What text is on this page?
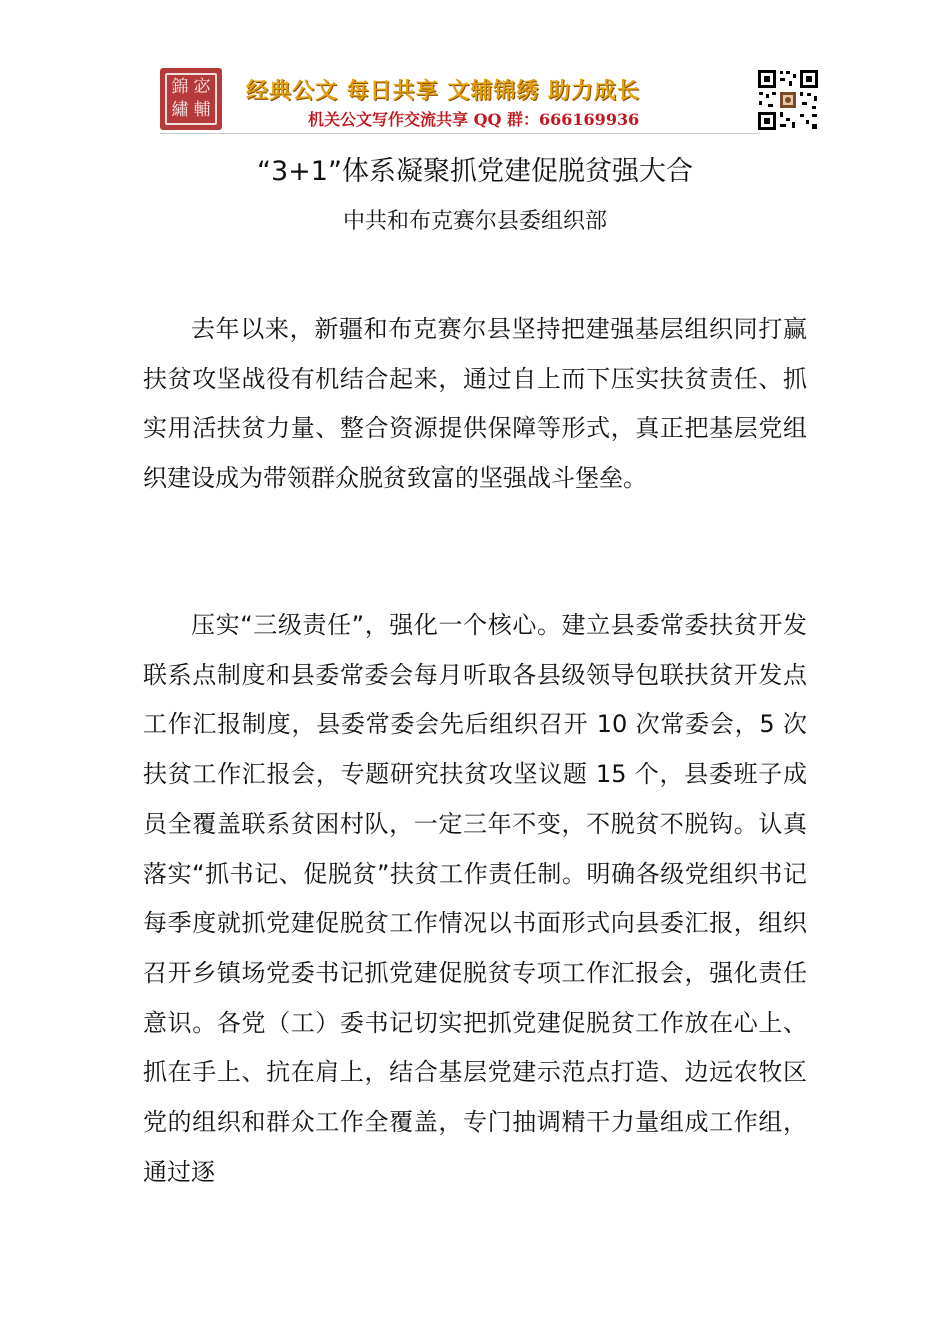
錦 宓
繡 輔
经典公文 每日共享 文辅锦绣 助力成长
机关公文写作交流共享 QQ 群：666169936
“3+1”体系凝聚抓党建促脱贫强大合
中共和布克赛尔县委组织部

去年以来，新疆和布克赛尔县坚持把建强基层组织同打赢扶贫攻坚战役有机结合起来，通过自上而下压实扶贫责任、抓实用活扶贫力量、整合资源提供保障等形式，真正把基层党组织建设成为带领群众脱贫致富的坚强战斗堡垒。

压实“三级责任”，强化一个核心。建立县委常委扶贫开发联系点制度和县委常委会每月听取各县级领导包联扶贫开发点工作汇报制度，县委常委会先后组织召开 10 次常委会，5 次扶贫工作汇报会，专题研究扶贫攻坚议题 15 个，县委班子成员全覆盖联系贫困村队，一定三年不变，不脱贫不脱钩。认真落实“抓书记、促脱贫”扶贫工作责任制。明确各级党组织书记每季度就抓党建促脱贫工作情况以书面形式向县委汇报，组织召开乡镇场党委书记抓党建促脱贫专项工作汇报会，强化责任意识。各党（工）委书记切实把抓党建促脱贫工作放在心上、抓在手上、抗在肩上，结合基层党建示范点打造、边远农牧区党的组织和群众工作全覆盖，专门抽调精干力量组成工作组，通过逐
